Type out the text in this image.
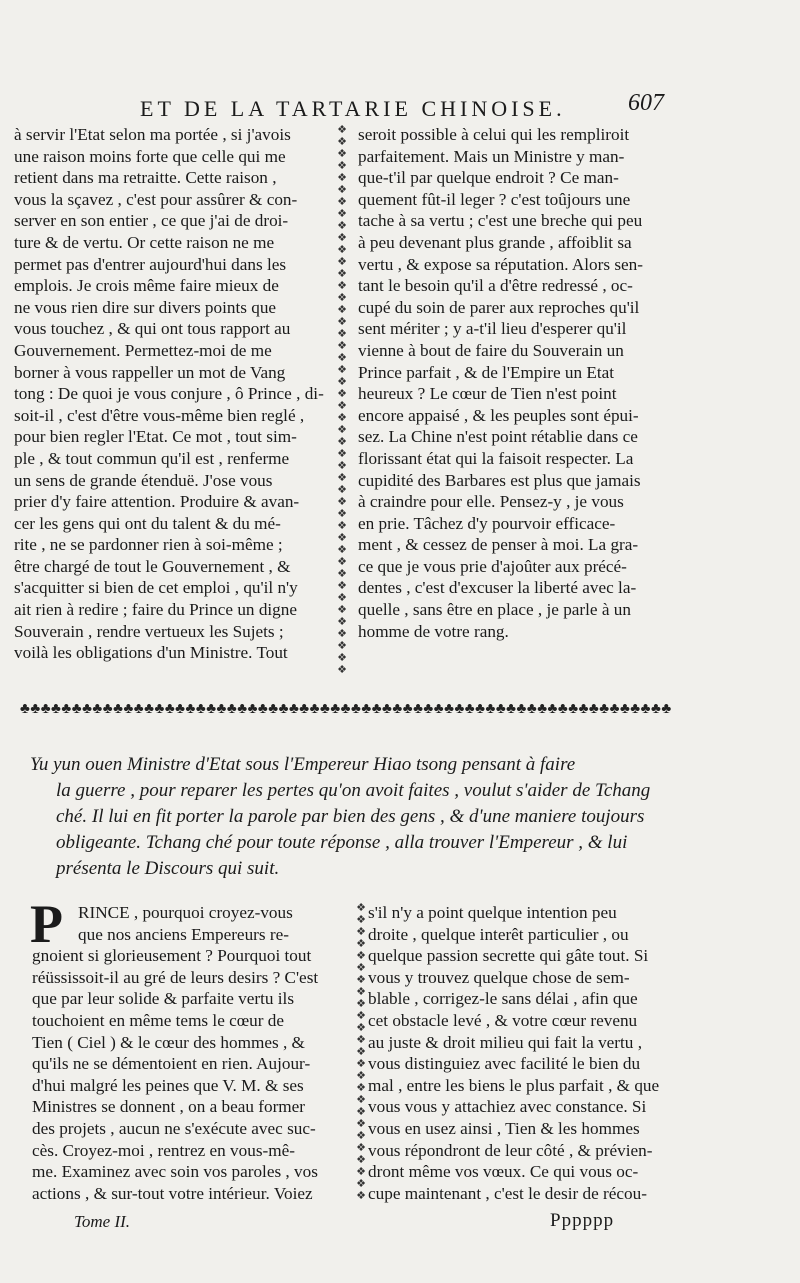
ET DE LA TARTARIE CHINOISE.	607
à servir l'Etat selon ma portée , si j'avois
une raison moins forte que celle qui me
retient dans ma retraitte. Cette raison ,
vous la sçavez , c'est pour assûrer & con-
server en son entier , ce que j'ai de droi-
ture & de vertu. Or cette raison ne me
permet pas d'entrer aujourd'hui dans les
emplois. Je crois même faire mieux de
ne vous rien dire sur divers points que
vous touchez , & qui ont tous rapport au
Gouvernement. Permettez-moi de me
borner à vous rappeller un mot de Vang
tong : De quoi je vous conjure , ô Prince , di-
soit-il , c'est d'être vous-même bien reglé ,
pour bien regler l'Etat. Ce mot , tout sim-
ple , & tout commun qu'il est , renferme
un sens de grande étenduë. J'ose vous
prier d'y faire attention. Produire & avan-
cer les gens qui ont du talent & du mé-
rite , ne se pardonner rien à soi-même ;
être chargé de tout le Gouvernement , &
s'acquitter si bien de cet emploi , qu'il n'y
ait rien à redire ; faire du Prince un digne
Souverain , rendre vertueux les Sujets ;
voilà les obligations d'un Ministre. Tout
❖
❖
❖
❖
❖
❖
❖
❖
❖
❖
❖
❖
❖
❖
❖
❖
❖
❖
❖
❖
❖
❖
❖
❖
❖
❖
❖
❖
❖
❖
❖
❖
❖
❖
❖
❖
❖
❖
❖
❖
❖
❖
❖
❖
❖
❖
seroit possible à celui qui les rempliroit
parfaitement. Mais un Ministre y man-
que-t'il par quelque endroit ? Ce man-
quement fût-il leger ? c'est toûjours une
tache à sa vertu ; c'est une breche qui peu
à peu devenant plus grande , affoiblit sa
vertu , & expose sa réputation. Alors sen-
tant le besoin qu'il a d'être redressé , oc-
cupé du soin de parer aux reproches qu'il
sent mériter ; y a-t'il lieu d'esperer qu'il
vienne à bout de faire du Souverain un
Prince parfait , & de l'Empire un Etat
heureux ? Le cœur de Tien n'est point
encore appaisé , & les peuples sont épui-
sez. La Chine n'est point rétablie dans ce
florissant état qui la faisoit respecter. La
cupidité des Barbares est plus que jamais
à craindre pour elle. Pensez-y , je vous
en prie. Tâchez d'y pourvoir efficace-
ment , & cessez de penser à moi. La gra-
ce que je vous prie d'ajoûter aux précé-
dentes , c'est d'excuser la liberté avec la-
quelle , sans être en place , je parle à un
homme de votre rang.
♣♣♣♣♣♣♣♣♣♣♣♣♣♣♣♣♣♣♣♣♣♣♣♣♣♣♣♣♣♣♣♣♣♣♣♣♣♣♣♣♣♣♣♣♣♣♣♣♣♣♣♣♣♣♣♣♣♣♣♣♣♣♣
Yu yun ouen Ministre d'Etat sous l'Empereur Hiao tsong pensant à faire
la guerre , pour reparer les pertes qu'on avoit faites , voulut s'aider de Tchang
ché. Il lui en fit porter la parole par bien des gens , & d'une maniere toujours
obligeante. Tchang ché pour toute réponse , alla trouver l'Empereur , & lui
présenta le Discours qui suit.
P RINCE , pourquoi croyez-vous
que nos anciens Empereurs re-
gnoient si glorieusement ? Pourquoi tout
réüssissoit-il au gré de leurs desirs ? C'est
que par leur solide & parfaite vertu ils
touchoient en même tems le cœur de
Tien ( Ciel ) & le cœur des hommes , &
qu'ils ne se démentoient en rien. Aujour-
d'hui malgré les peines que V. M. & ses
Ministres se donnent , on a beau former
des projets , aucun ne s'exécute avec suc-
cès. Croyez-moi , rentrez en vous-mê-
me. Examinez avec soin vos paroles , vos
actions , & sur-tout votre intérieur. Voiez
❖
❖
❖
❖
❖
❖
❖
❖
❖
❖
❖
❖
❖
❖
❖
❖
❖
❖
❖
❖
❖
❖
❖
❖
❖
s'il n'y a point quelque intention peu
droite , quelque interêt particulier , ou
quelque passion secrette qui gâte tout. Si
vous y trouvez quelque chose de sem-
blable , corrigez-le sans délai , afin que
cet obstacle levé , & votre cœur revenu
au juste & droit milieu qui fait la vertu ,
vous distinguiez avec facilité le bien du
mal , entre les biens le plus parfait , & que
vous vous y attachiez avec constance. Si
vous en usez ainsi , Tien & les hommes
vous répondront de leur côté , & prévien-
dront même vos vœux. Ce qui vous oc-
cupe maintenant , c'est le desir de récou-
Tome II.	Pppppp
